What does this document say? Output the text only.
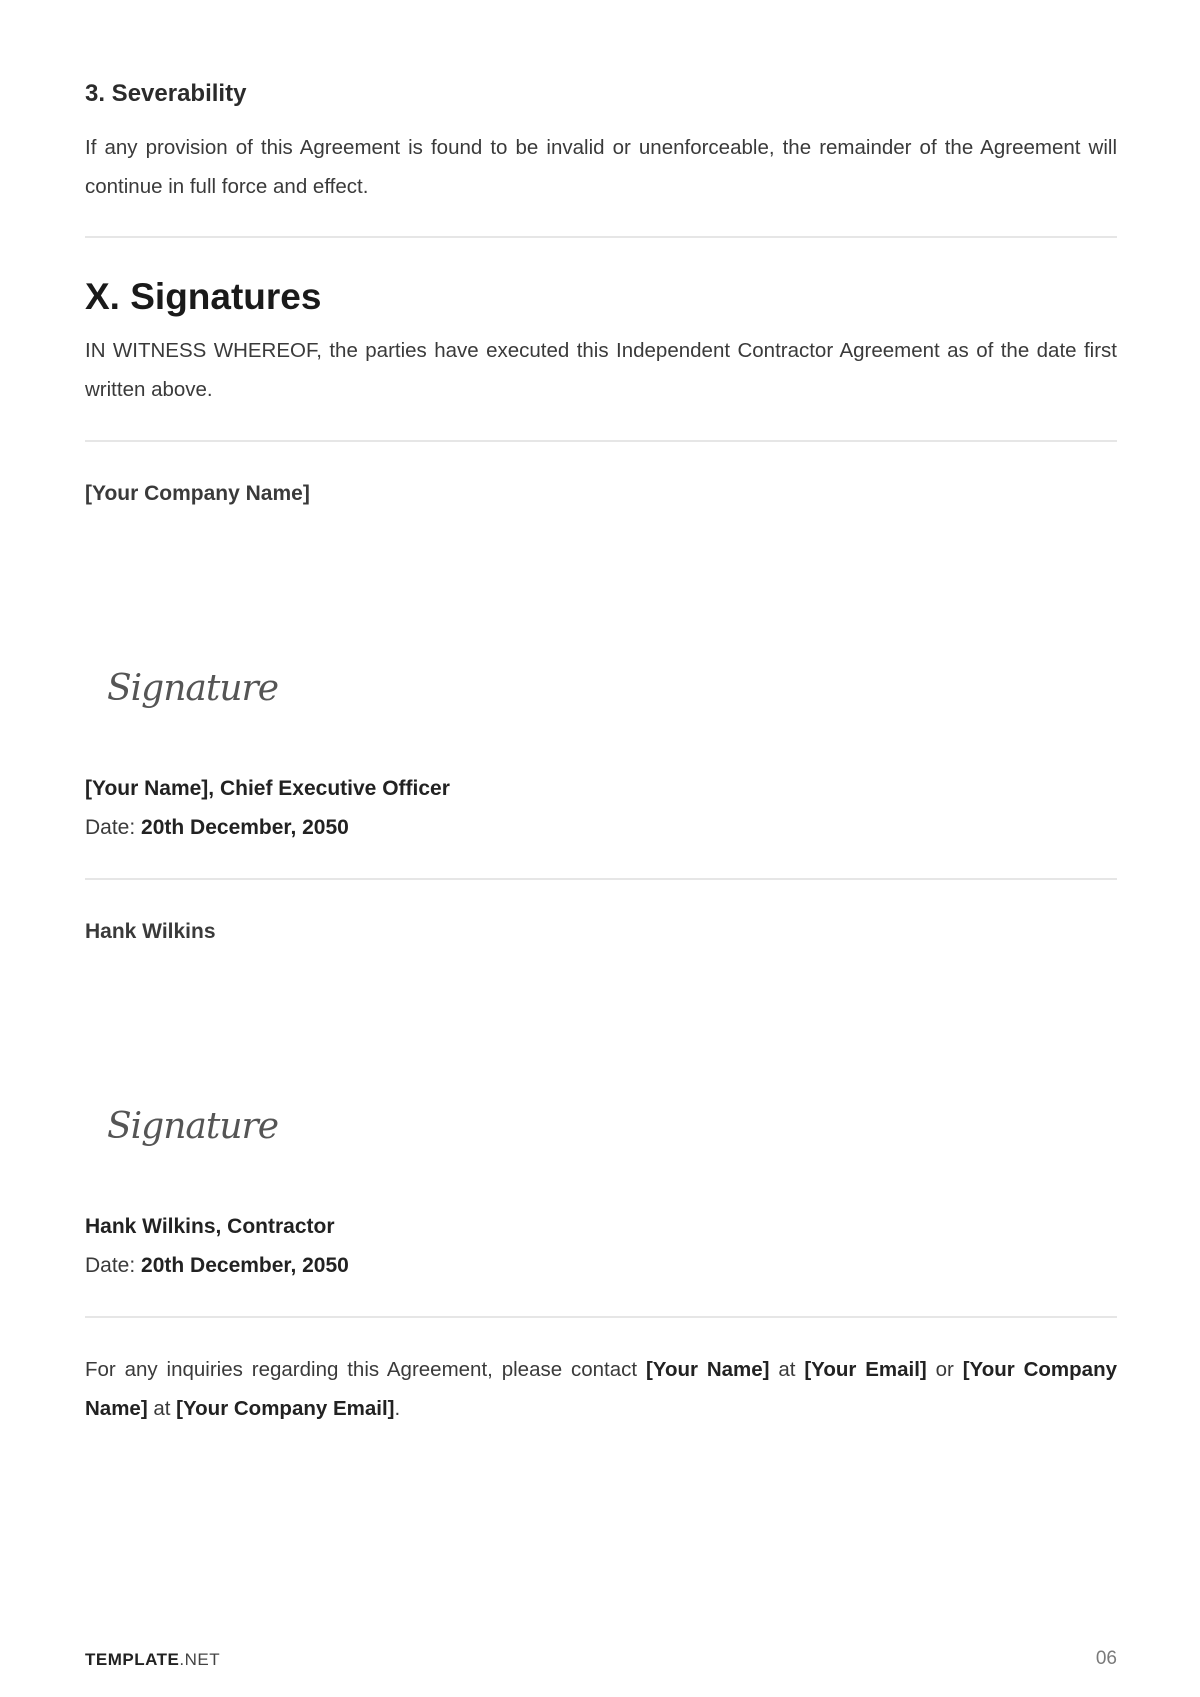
3. Severability

If any provision of this Agreement is found to be invalid or unenforceable, the remainder of the Agreement will continue in full force and effect.

X. Signatures

IN WITNESS WHEREOF, the parties have executed this Independent Contractor Agreement as of the date first written above.

[Your Company Name]
Signature
[Your Name], Chief Executive Officer
Date: 20th December, 2050
Hank Wilkins
Signature
Hank Wilkins, Contractor
Date: 20th December, 2050

For any inquiries regarding this Agreement, please contact [Your Name] at [Your Email] or [Your Company Name] at [Your Company Email].

TEMPLATE.NET	06
